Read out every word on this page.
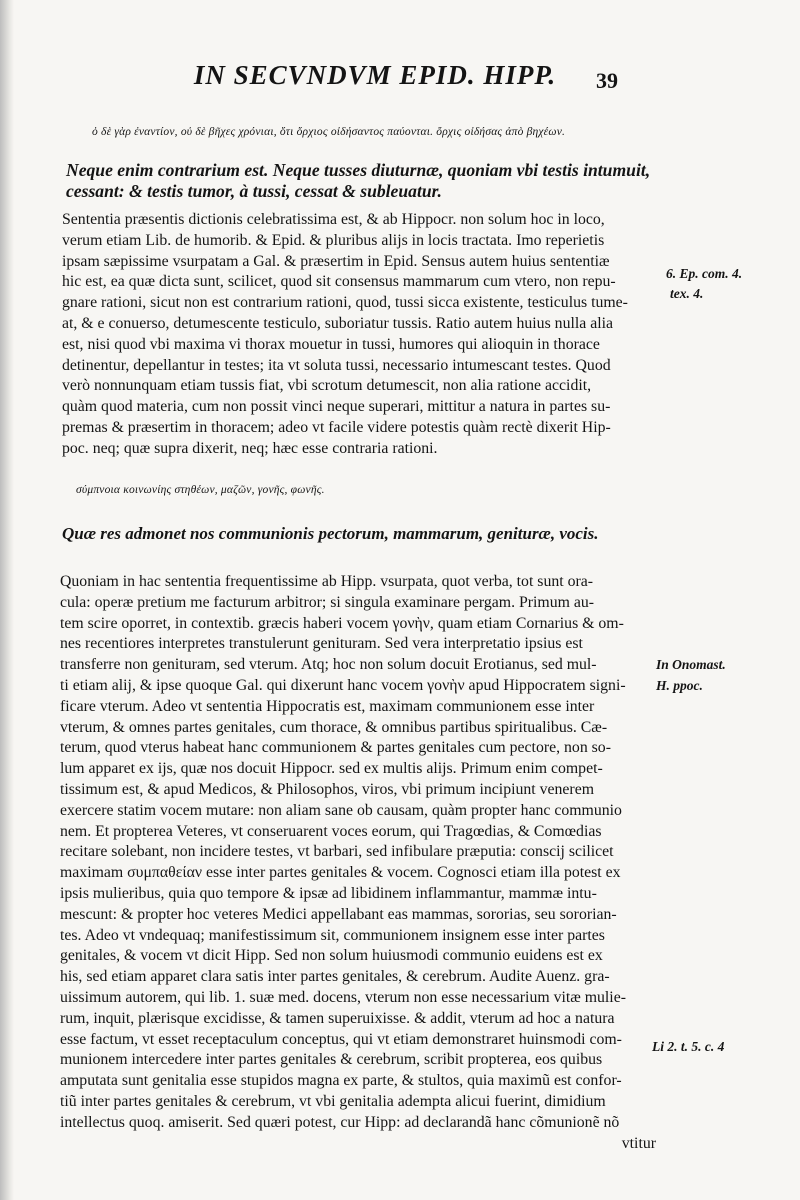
IN SECVNDVM EPID. HIPP.	39
ὁ δὲ γὰρ ἐναντίον, οὐ δὲ βῆχες χρόνιαι, ὅτι ὄρχιος οἰδήσαντος παύονται. ὄρχις οἰδήσας ἀπὸ βηχέων.
Neque enim contrarium est. Neque tusses diuturnæ, quoniam vbi testis intumuit,
cessant: & testis tumor, à tussi, cessat & subleuatur.
Sententia præsentis dictionis celebratissima est, & ab Hippocr. non solum hoc in loco,
verum etiam Lib. de humorib. & Epid. & pluribus alijs in locis tractata. Imo reperietis
ipsam sæpissime vsurpatam a Gal. & præsertim in Epid. Sensus autem huius sententiæ
hic est, ea quæ dicta sunt, scilicet, quod sit consensus mammarum cum vtero, non repu-
gnare rationi, sicut non est contrarium rationi, quod, tussi sicca existente, testiculus tume-
at, & e conuerso, detumescente testiculo, suboriatur tussis. Ratio autem huius nulla alia
est, nisi quod vbi maxima vi thorax mouetur in tussi, humores qui alioquin in thorace
detinentur, depellantur in testes; ita vt soluta tussi, necessario intumescant testes. Quod
verò nonnunquam etiam tussis fiat, vbi scrotum detumescit, non alia ratione accidit,
quàm quod materia, cum non possit vinci neque superari, mittitur a natura in partes su-
premas & præsertim in thoracem; adeo vt facile videre potestis quàm rectè dixerit Hip-
poc. neq; quæ supra dixerit, neq; hæc esse contraria rationi.
6. Ep. com. 4.
tex. 4.
σύμπνοια κοινωνίης στηθέων, μαζῶν, γονῆς, φωνῆς.
Quæ res admonet nos communionis pectorum, mammarum, genituræ, vocis.
Quoniam in hac sententia frequentissime ab Hipp. vsurpata, quot verba, tot sunt ora-
cula: operæ pretium me facturum arbitror; si singula examinare pergam. Primum au-
tem scire oporret, in contextib. græcis haberi vocem γονὴν, quam etiam Cornarius & om-
nes recentiores interpretes transtulerunt genituram. Sed vera interpretatio ipsius est
transferre non genituram, sed vterum. Atq; hoc non solum docuit Erotianus, sed mul-
ti etiam alij, & ipse quoque Gal. qui dixerunt hanc vocem γονὴν apud Hippocratem signi-
ficare vterum. Adeo vt sententia Hippocratis est, maximam communionem esse inter
vterum, & omnes partes genitales, cum thorace, & omnibus partibus spiritualibus. Cæ-
terum, quod vterus habeat hanc communionem & partes genitales cum pectore, non so-
lum apparet ex ijs, quæ nos docuit Hippocr. sed ex multis alijs. Primum enim compet-
tissimum est, & apud Medicos, & Philosophos, viros, vbi primum incipiunt venerem
exercere statim vocem mutare: non aliam sane ob causam, quàm propter hanc communio
nem. Et propterea Veteres, vt conseruarent voces eorum, qui Tragœdias, & Comœdias
recitare solebant, non incidere testes, vt barbari, sed infibulare præputia: conscij scilicet
maximam συμπαθείαν esse inter partes genitales & vocem. Cognosci etiam illa potest ex
ipsis mulieribus, quia quo tempore & ipsæ ad libidinem inflammantur, mammæ intu-
mescunt: & propter hoc veteres Medici appellabant eas mammas, sororias, seu sororian-
tes. Adeo vt vndequaq; manifestissimum sit, communionem insignem esse inter partes
genitales, & vocem vt dicit Hipp. Sed non solum huiusmodi communio euidens est ex
his, sed etiam apparet clara satis inter partes genitales, & cerebrum. Audite Auenz. gra-
uissimum autorem, qui lib. 1. suæ med. docens, vterum non esse necessarium vitæ mulie-
rum, inquit, plærisque excidisse, & tamen superuixisse. & addit, vterum ad hoc a natura
esse factum, vt esset receptaculum conceptus, qui vt etiam demonstraret huinsmodi com-
munionem intercedere inter partes genitales & cerebrum, scribit propterea, eos quibus
amputata sunt genitalia esse stupidos magna ex parte, & stultos, quia maximũ est confor-
tiũ inter partes genitales & cerebrum, vt vbi genitalia adempta alicui fuerint, dimidium
intellectus quoq. amiserit. Sed quæri potest, cur Hipp: ad declarandã hanc cõmunionẽ nõ
vtitur
In Onomast.
H. ppoc.
Li 2. t. 5. c. 4
